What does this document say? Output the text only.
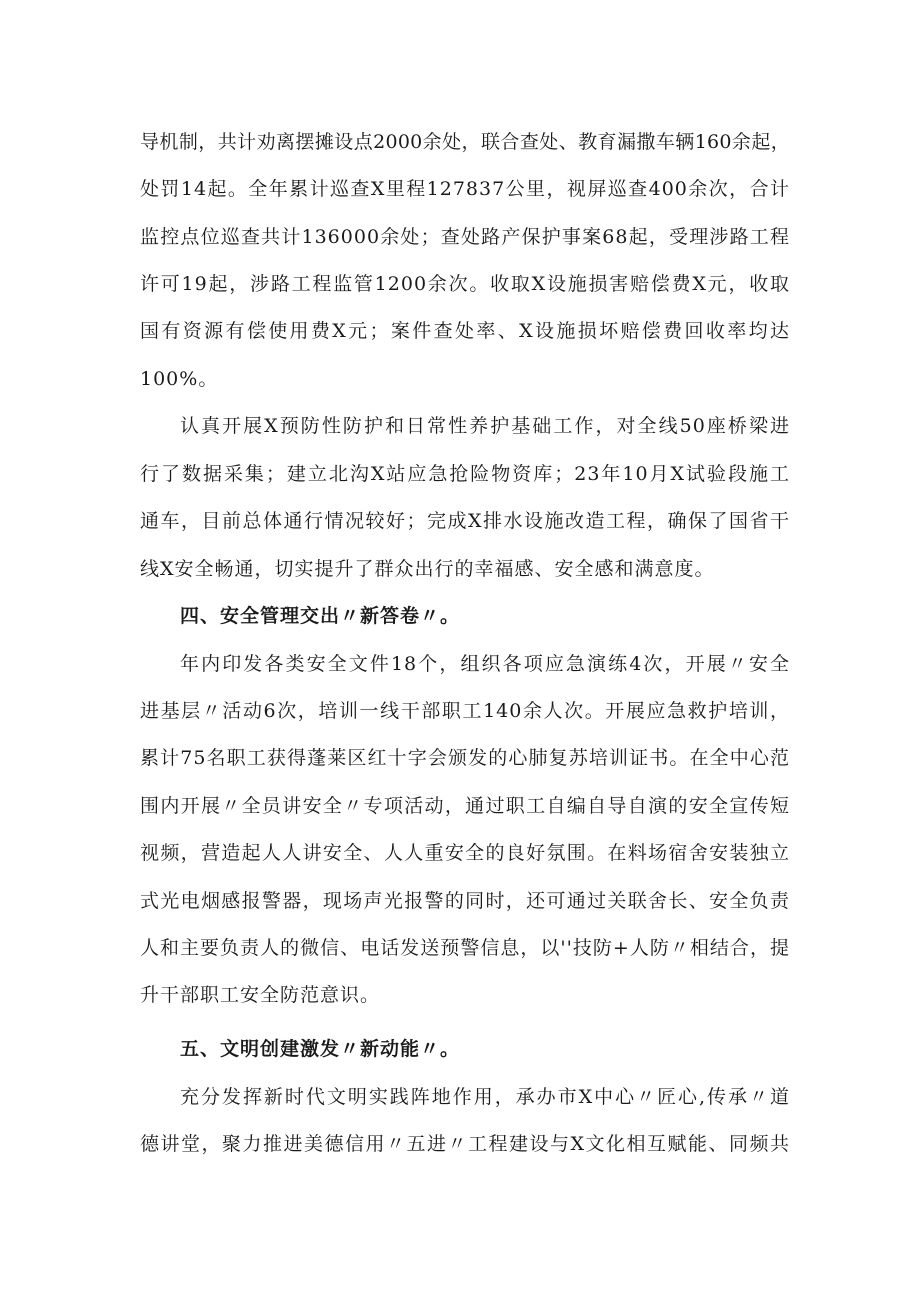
导机制，共计劝离摆摊设点2000余处，联合查处、教育漏撒车辆160余起，
处罚14起。全年累计巡查X里程127837公里，视屏巡查400余次，合计
监控点位巡查共计136000余处；查处路产保护事案68起，受理涉路工程
许可19起，涉路工程监管1200余次。收取X设施损害赔偿费X元，收取
国有资源有偿使用费X元；案件查处率、X设施损坏赔偿费回收率均达
100%。
认真开展X预防性防护和日常性养护基础工作，对全线50座桥梁进
行了数据采集；建立北沟X站应急抢险物资库；23年10月X试验段施工
通车，目前总体通行情况较好；完成X排水设施改造工程，确保了国省干
线X安全畅通，切实提升了群众出行的幸福感、安全感和满意度。
四、安全管理交出〃新答卷〃。
年内印发各类安全文件18个，组织各项应急演练4次，开展〃安全
进基层〃活动6次，培训一线干部职工140余人次。开展应急救护培训，
累计75名职工获得蓬莱区红十字会颁发的心肺复苏培训证书。在全中心范
围内开展〃全员讲安全〃专项活动，通过职工自编自导自演的安全宣传短
视频，营造起人人讲安全、人人重安全的良好氛围。在料场宿舍安装独立
式光电烟感报警器，现场声光报警的同时，还可通过关联舍长、安全负责
人和主要负责人的微信、电话发送预警信息，以''技防+人防〃相结合，提
升干部职工安全防范意识。
五、文明创建激发〃新动能〃。
充分发挥新时代文明实践阵地作用，承办市X中心〃匠心,传承〃道
德讲堂，聚力推进美德信用〃五进〃工程建设与X文化相互赋能、同频共
